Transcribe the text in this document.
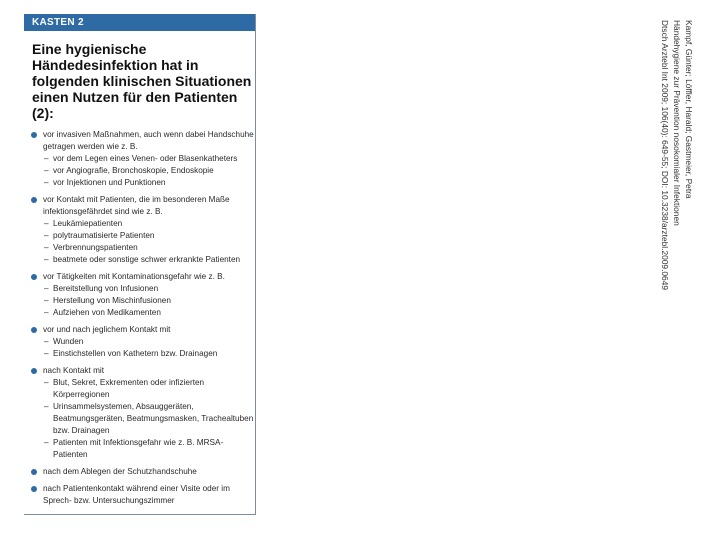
KASTEN 2
Eine hygienische Händedesinfektion hat in folgenden klinischen Situationen einen Nutzen für den Patienten (2):
vor invasiven Maßnahmen, auch wenn dabei Handschuhe getragen werden wie z. B.
– vor dem Legen eines Venen- oder Blasenkatheters
– vor Angiografie, Bronchoskopie, Endoskopie
– vor Injektionen und Punktionen
vor Kontakt mit Patienten, die im besonderen Maße infektionsgefährdet sind wie z. B.
– Leukämiepatienten
– polytraumatisierte Patienten
– Verbrennungspatienten
– beatmete oder sonstige schwer erkrankte Patienten
vor Tätigkeiten mit Kontaminationsgefahr wie z. B.
– Bereitstellung von Infusionen
– Herstellung von Mischinfusionen
– Aufziehen von Medikamenten
vor und nach jeglichem Kontakt mit
– Wunden
– Einstichstellen von Kathetern bzw. Drainagen
nach Kontakt mit
– Blut, Sekret, Exkrementen oder infizierten Körperregionen
– Urinsammelsystemen, Absauggeräten, Beatmungsgeräten, Beatmungsmasken, Trachealtuben bzw. Drainagen
– Patienten mit Infektionsgefahr wie z. B. MRSA-Patienten
nach dem Ablegen der Schutzhandschuhe
nach Patientenkontakt während einer Visite oder im Sprech- bzw. Untersuchungszimmer
Kampf, Günter; Löffler, Harald; Gastmeier, Petra
Händehygiene zur Prävention nosokomialer Infektionen
Dtsch Arztebl Int 2009; 106(40): 649-55; DOI: 10.3238/arztebl.2009.0649
